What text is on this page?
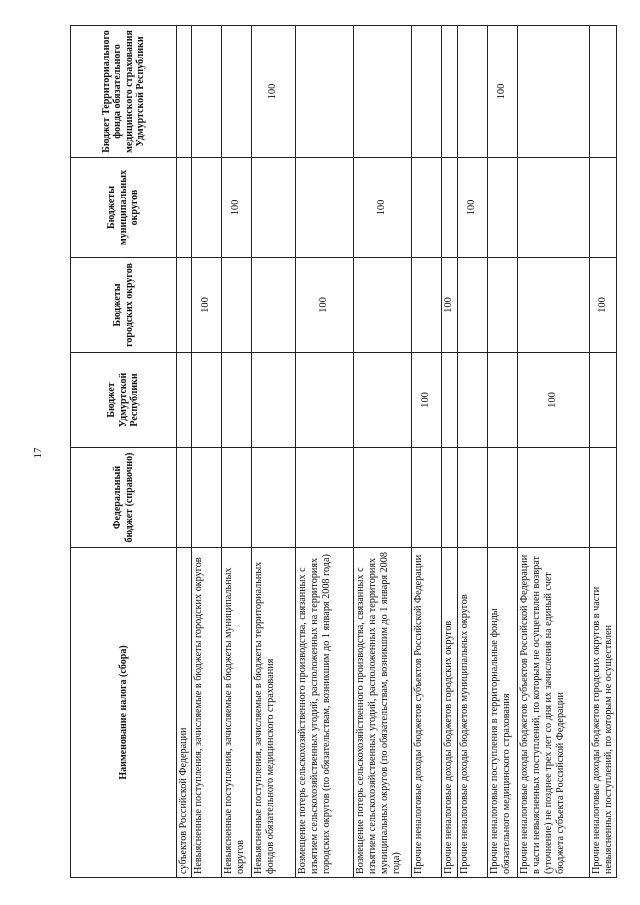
17
Наименование налога (сбора)	Федеральный бюджет (справочно)	Бюджет Удмуртской Республики	Бюджеты городских округов	Бюджеты муниципальных округов	Бюджет Территориального фонда обязательного медицинского страхования Удмуртской Республики
субъектов Российской Федерации					
Невыясненные поступления, зачисляемые в бюджеты городских округов			100		
Невыясненные поступления, зачисляемые в бюджеты муниципальных округов				100	
Невыясненные поступления, зачисляемые в бюджеты территориальных фондов обязательного медицинского страхования					100
Возмещение потерь сельскохозяйственного производства, связанных с изъятием сельскохозяйственных угодий, расположенных на территориях городских округов (по обязательствам, возникшим до 1 января 2008 года)			100		
Возмещение потерь сельскохозяйственного производства, связанных с изъятием сельскохозяйственных угодий, расположенных на территориях муниципальных округов (по обязательствам, возникшим до 1 января 2008 года)				100	
Прочие неналоговые доходы бюджетов субъектов Российской Федерации		100			
Прочие неналоговые доходы бюджетов городских округов			100		
Прочие неналоговые доходы бюджетов муниципальных округов				100	
Прочие неналоговые поступления в территориальные фонды обязательного медицинского страхования					100
Прочие неналоговые доходы бюджетов субъектов Российской Федерации в части невыясненных поступлений, по которым не осуществлен возврат (уточнение) не позднее трех лет со дня их зачисления на единый счет бюджета субъекта Российской Федерации		100			
Прочие неналоговые доходы бюджетов городских округов в части невыясненных поступлений, по которым не осуществлен			100		
